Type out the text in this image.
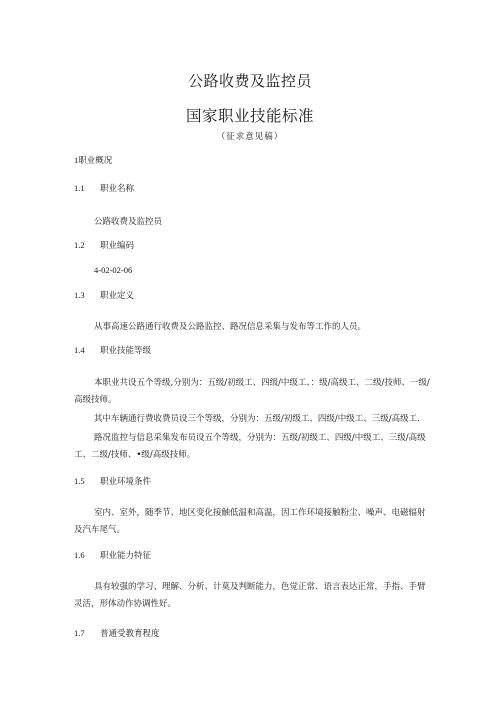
公路收费及监控员
国家职业技能标准
（征求意见稿）
1职业概况
1.1 职业名称
公路收费及监控员
1.2 职业编码
4-02-02-06
1.3 职业定义
从事高速公路通行收费及公路监控、路况信息采集与发布等工作的人员。
1.4 职业技能等级
本职业共设五个等级,分别为：五级/初级工、四级/中级工、：级/高级工、二级/技师、一级/高级技师。
其中车辆通行费收费员设三个等级，分别为：五级/初级工、四级/中级工、三级/高级工.
路况监控与信息采集发布员设五个等级，分别为：五级/初级工、四级/中级工、三级/高级工、二级/技师、•级/高级技师。
1.5 职业环境条件
室内、室外，随季节、地区变化接触低温和高温，因工作环境接触粉尘、噪声、电磁辐射及汽车尾气。
1.6 职业能力特征
具有较强的学习、理解、分析、计莫及判断能力，色觉正常、语言表达正常，手指、手臂灵活，形体动作协调性好。
1.7 普通受教育程度
